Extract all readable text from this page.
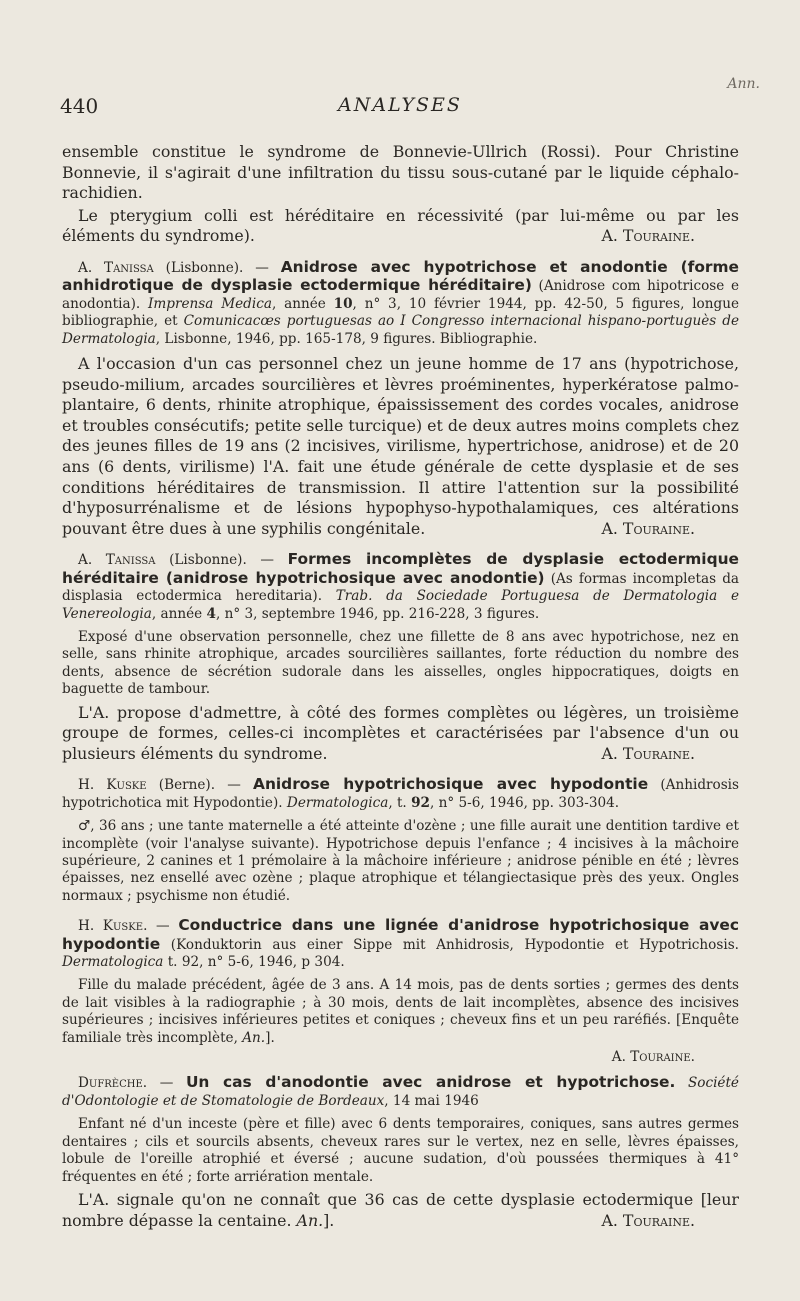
440	ANALYSES
Ann.

ensemble constitue le syndrome de Bonnevie-Ullrich (Rossi). Pour Christine Bonnevie, il s'agirait d'une infiltration du tissu sous-cutané par le liquide céphalo-rachidien.

Le pterygium colli est héréditaire en récessivité (par lui-même ou par les éléments du syndrome).	A. Touraine.

A. Tanissa (Lisbonne). — Anidrose avec hypotrichose et anodontie (forme anhidrotique de dysplasie ectodermique héréditaire) (Anidrose com hipotricose e anodontia). Imprensa Medica, année 10, n° 3, 10 février 1944, pp. 42-50, 5 figures, longue bibliographie, et Comunicacœs portuguesas ao I Congresso internacional hispano-portuguès de Dermatologia, Lisbonne, 1946, pp. 165-178, 9 figures. Bibliographie.

A l'occasion d'un cas personnel chez un jeune homme de 17 ans (hypotrichose, pseudo-milium, arcades sourcilières et lèvres proéminentes, hyperkératose palmo-plantaire, 6 dents, rhinite atrophique, épaississement des cordes vocales, anidrose et troubles consécutifs; petite selle turcique) et de deux autres moins complets chez des jeunes filles de 19 ans (2 incisives, virilisme, hypertrichose, anidrose) et de 20 ans (6 dents, virilisme) l'A. fait une étude générale de cette dysplasie et de ses conditions héréditaires de transmission. Il attire l'attention sur la possibilité d'hyposurrénalisme et de lésions hypophyso-hypothalamiques, ces altérations pouvant être dues à une syphilis congénitale.	A. Touraine.

A. Tanissa (Lisbonne). — Formes incomplètes de dysplasie ectodermique héréditaire (anidrose hypotrichosique avec anodontie) (As formas incompletas da displasia ectodermica hereditaria). Trab. da Sociedade Portuguesa de Dermatologia e Venereologia, année 4, n° 3, septembre 1946, pp. 216-228, 3 figures.

Exposé d'une observation personnelle, chez une fillette de 8 ans avec hypotrichose, nez en selle, sans rhinite atrophique, arcades sourcilières saillantes, forte réduction du nombre des dents, absence de sécrétion sudorale dans les aisselles, ongles hippocratiques, doigts en baguette de tambour.

L'A. propose d'admettre, à côté des formes complètes ou légères, un troisième groupe de formes, celles-ci incomplètes et caractérisées par l'absence d'un ou plusieurs éléments du syndrome.	A. Touraine.

H. Kuske (Berne). — Anidrose hypotrichosique avec hypodontie (Anhidrosis hypotrichotica mit Hypodontie). Dermatologica, t. 92, n° 5-6, 1946, pp. 303-304.

♂, 36 ans ; une tante maternelle a été atteinte d'ozène ; une fille aurait une dentition tardive et incomplète (voir l'analyse suivante). Hypotrichose depuis l'enfance ; 4 incisives à la mâchoire supérieure, 2 canines et 1 prémolaire à la mâchoire inférieure ; anidrose pénible en été ; lèvres épaisses, nez ensellé avec ozène ; plaque atrophique et télangiectasique près des yeux. Ongles normaux ; psychisme non étudié.

H. Kuske. — Conductrice dans une lignée d'anidrose hypotrichosique avec hypodontie (Konduktorin aus einer Sippe mit Anhidrosis, Hypodontie et Hypotrichosis. Dermatologica t. 92, n° 5-6, 1946, p 304.

Fille du malade précédent, âgée de 3 ans. A 14 mois, pas de dents sorties ; germes des dents de lait visibles à la radiographie ; à 30 mois, dents de lait incomplètes, absence des incisives supérieures ; incisives inférieures petites et coniques ; cheveux fins et un peu raréfiés. [Enquête familiale très incomplète, An.].

A. Touraine.

Dufrèche. — Un cas d'anodontie avec anidrose et hypotrichose. Société d'Odontologie et de Stomatologie de Bordeaux, 14 mai 1946

Enfant né d'un inceste (père et fille) avec 6 dents temporaires, coniques, sans autres germes dentaires ; cils et sourcils absents, cheveux rares sur le vertex, nez en selle, lèvres épaisses, lobule de l'oreille atrophié et éversé ; aucune sudation, d'où poussées thermiques à 41° fréquentes en été ; forte arriération mentale.

L'A. signale qu'on ne connaît que 36 cas de cette dysplasie ectodermique [leur nombre dépasse la centaine. An.].	A. Touraine.
